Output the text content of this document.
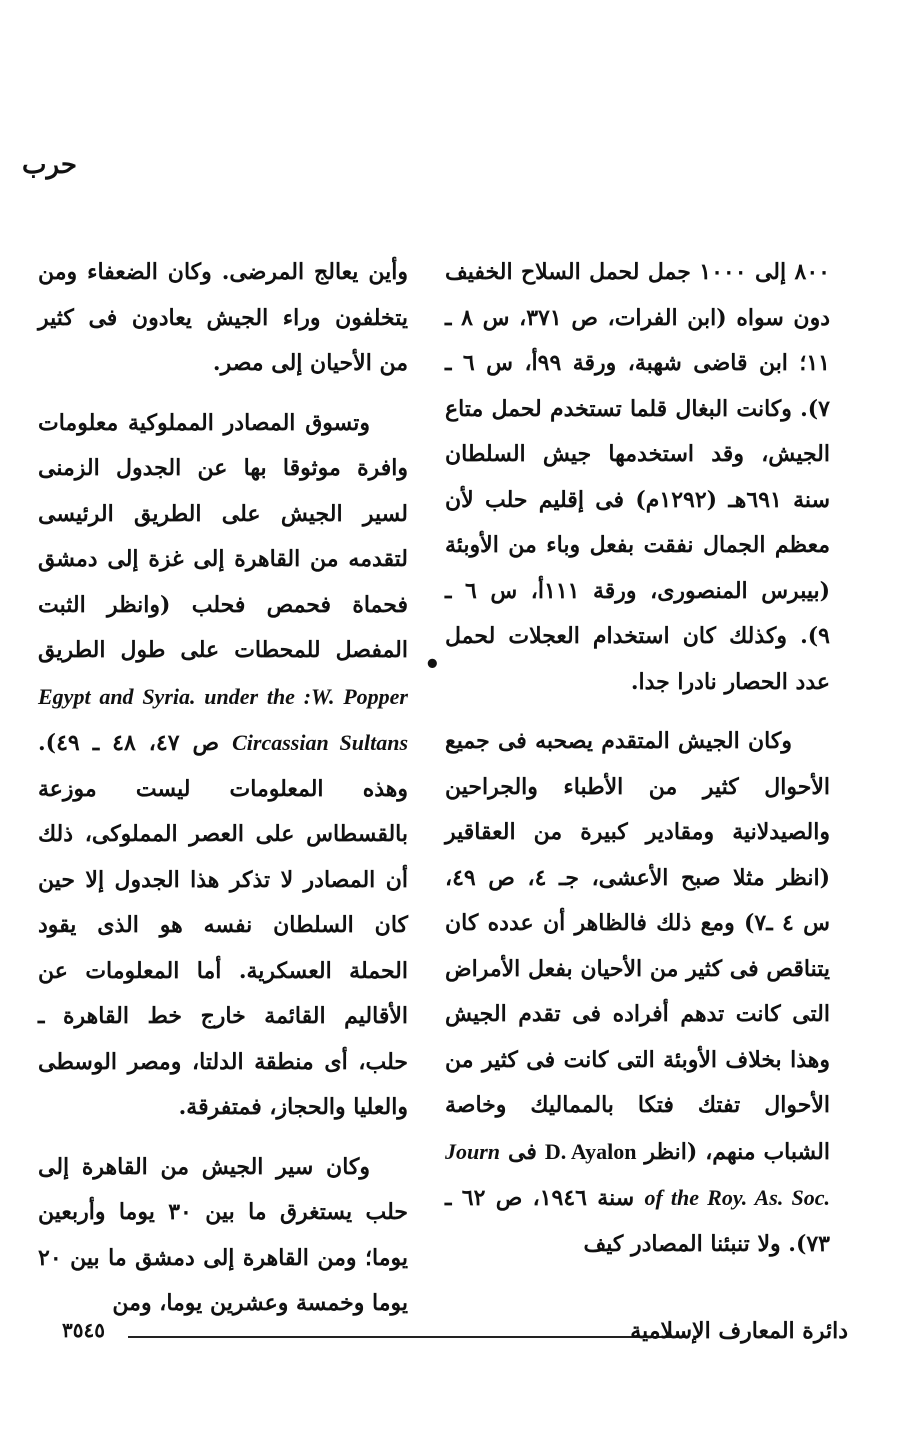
حرب

٨٠٠ إلى ١٠٠٠ جمل لحمل السلاح الخفيف دون سواه (ابن الفرات، ص ٣٧١، س ٨ ـ ١١؛ ابن قاضى شهبة، ورقة ٩٩أ، س ٦ ـ ٧). وكانت البغال قلما تستخدم لحمل متاع الجيش، وقد استخدمها جيش السلطان سنة ٦٩١هـ (١٢٩٢م) فى إقليم حلب لأن معظم الجمال نفقت بفعل وباء من الأوبئة (بيبرس المنصورى، ورقة ١١١أ، س ٦ ـ ٩). وكذلك كان استخدام العجلات لحمل عدد الحصار نادرا جدا.

وكان الجيش المتقدم يصحبه فى جميع الأحوال كثير من الأطباء والجراحين والصيدلانية ومقادير كبيرة من العقاقير (انظر مثلا صبح الأعشى، جـ ٤، ص ٤٩، س ٤ ـ٧) ومع ذلك فالظاهر أن عدده كان يتناقص فى كثير من الأحيان بفعل الأمراض التى كانت تدهم أفراده فى تقدم الجيش وهذا بخلاف الأوبئة التى كانت فى كثير من الأحوال تفتك فتكا بالمماليك وخاصة الشباب منهم، (انظر D. Ayalon فى Journ of the Roy. As. Soc. سنة ١٩٤٦، ص ٦٢ ـ ٧٣). ولا تنبئنا المصادر كيف

•

وأين يعالج المرضى. وكان الضعفاء ومن يتخلفون وراء الجيش يعادون فى كثير من الأحيان إلى مصر.

وتسوق المصادر المملوكية معلومات وافرة موثوقا بها عن الجدول الزمنى لسير الجيش على الطريق الرئيسى لتقدمه من القاهرة إلى غزة إلى دمشق فحماة فحمص فحلب (وانظر الثبت المفصل للمحطات على طول الطريق Egypt and Syria. under the :W. Popper Circassian Sultans ص ٤٧، ٤٨ ـ ٤٩). وهذه المعلومات ليست موزعة بالقسطاس على العصر المملوكى، ذلك أن المصادر لا تذكر هذا الجدول إلا حين كان السلطان نفسه هو الذى يقود الحملة العسكرية. أما المعلومات عن الأقاليم القائمة خارج خط القاهرة ـ حلب، أى منطقة الدلتا، ومصر الوسطى والعليا والحجاز، فمتفرقة.

وكان سير الجيش من القاهرة إلى حلب يستغرق ما بين ٣٠ يوما وأربعين يوما؛ ومن القاهرة إلى دمشق ما بين ٢٠ يوما وخمسة وعشرين يوما، ومن

٣٥٤٥	دائرة المعارف الإسلامية
